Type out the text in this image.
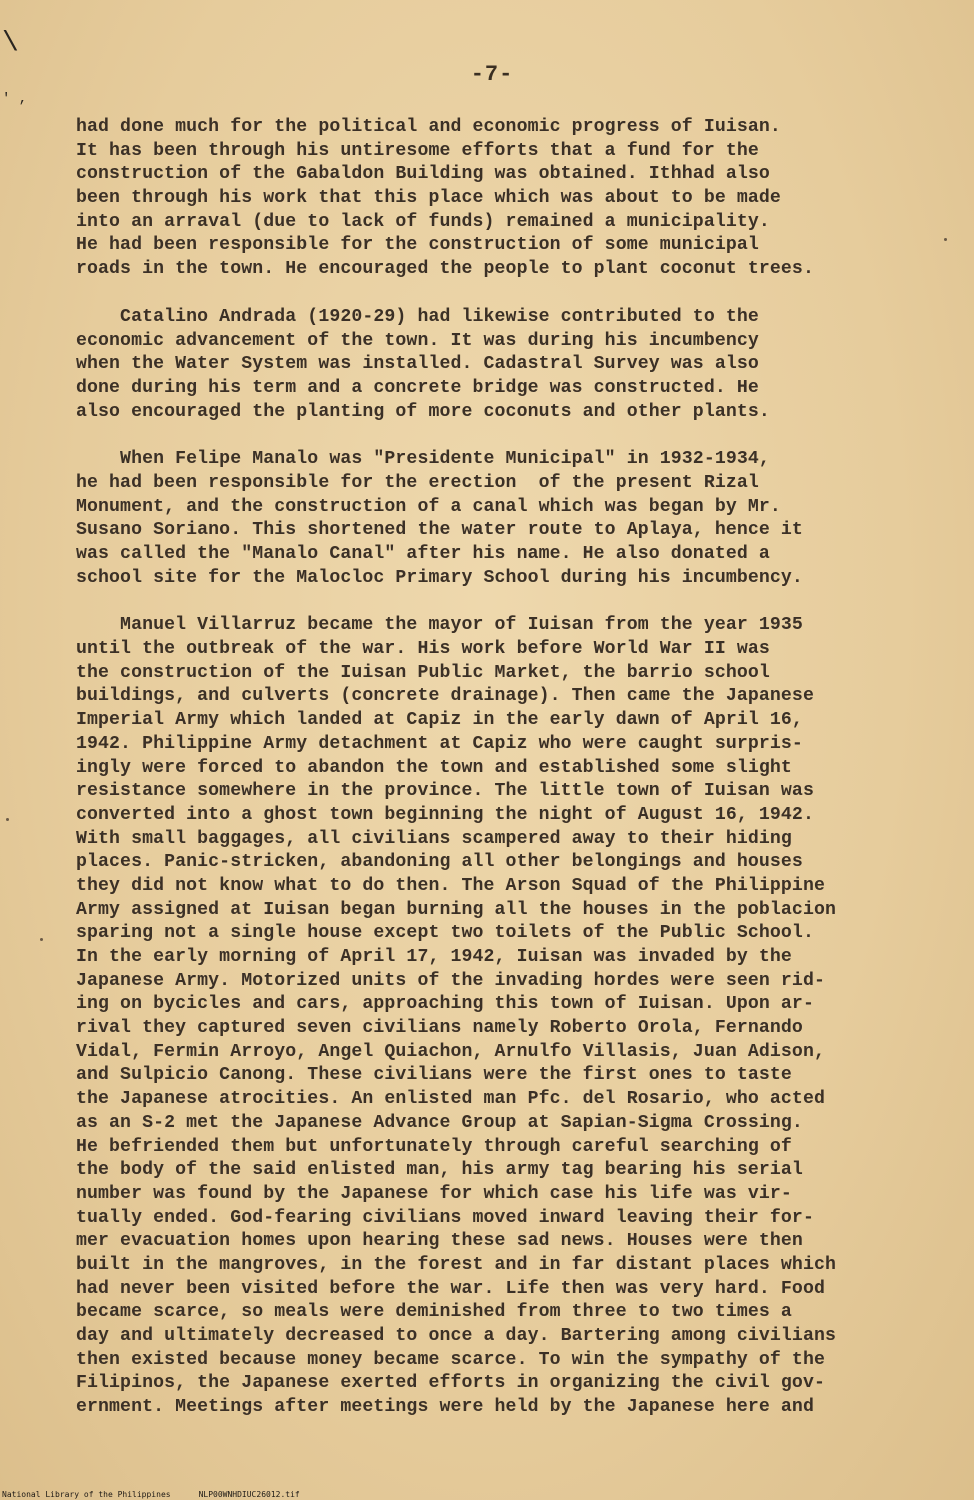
\
' ,
-7-
had done much for the political and economic progress of Iuisan.
It has been through his untiresome efforts that a fund for the
construction of the Gabaldon Building was obtained. Ithhad also
been through his work that this place which was about to be made
into an arraval (due to lack of funds) remained a municipality.
He had been responsible for the construction of some municipal
roads in the town. He encouraged the people to plant coconut trees.
Catalino Andrada (1920-29) had likewise contributed to the
economic advancement of the town. It was during his incumbency
when the Water System was installed. Cadastral Survey was also
done during his term and a concrete bridge was constructed. He
also encouraged the planting of more coconuts and other plants.
When Felipe Manalo was "Presidente Municipal" in 1932-1934,
he had been responsible for the erection  of the present Rizal
Monument, and the construction of a canal which was began by Mr.
Susano Soriano. This shortened the water route to Aplaya, hence it
was called the "Manalo Canal" after his name. He also donated a
school site for the Malocloc Primary School during his incumbency.
Manuel Villarruz became the mayor of Iuisan from the year 1935
until the outbreak of the war. His work before World War II was
the construction of the Iuisan Public Market, the barrio school
buildings, and culverts (concrete drainage). Then came the Japanese
Imperial Army which landed at Capiz in the early dawn of April 16,
1942. Philippine Army detachment at Capiz who were caught surpris-
ingly were forced to abandon the town and established some slight
resistance somewhere in the province. The little town of Iuisan was
converted into a ghost town beginning the night of August 16, 1942.
With small baggages, all civilians scampered away to their hiding
places. Panic-stricken, abandoning all other belongings and houses
they did not know what to do then. The Arson Squad of the Philippine
Army assigned at Iuisan began burning all the houses in the poblacion
sparing not a single house except two toilets of the Public School.
In the early morning of April 17, 1942, Iuisan was invaded by the
Japanese Army. Motorized units of the invading hordes were seen rid-
ing on bycicles and cars, approaching this town of Iuisan. Upon ar-
rival they captured seven civilians namely Roberto Orola, Fernando
Vidal, Fermin Arroyo, Angel Quiachon, Arnulfo Villasis, Juan Adison,
and Sulpicio Canong. These civilians were the first ones to taste
the Japanese atrocities. An enlisted man Pfc. del Rosario, who acted
as an S-2 met the Japanese Advance Group at Sapian-Sigma Crossing.
He befriended them but unfortunately through careful searching of
the body of the said enlisted man, his army tag bearing his serial
number was found by the Japanese for which case his life was vir-
tually ended. God-fearing civilians moved inward leaving their for-
mer evacuation homes upon hearing these sad news. Houses were then
built in the mangroves, in the forest and in far distant places which
had never been visited before the war. Life then was very hard. Food
became scarce, so meals were deminished from three to two times a
day and ultimately decreased to once a day. Bartering among civilians
then existed because money became scarce. To win the sympathy of the
Filipinos, the Japanese exerted efforts in organizing the civil gov-
ernment. Meetings after meetings were held by the Japanese here and
National Library of the Philippines	NLP00WNHDIUC26012.tif
